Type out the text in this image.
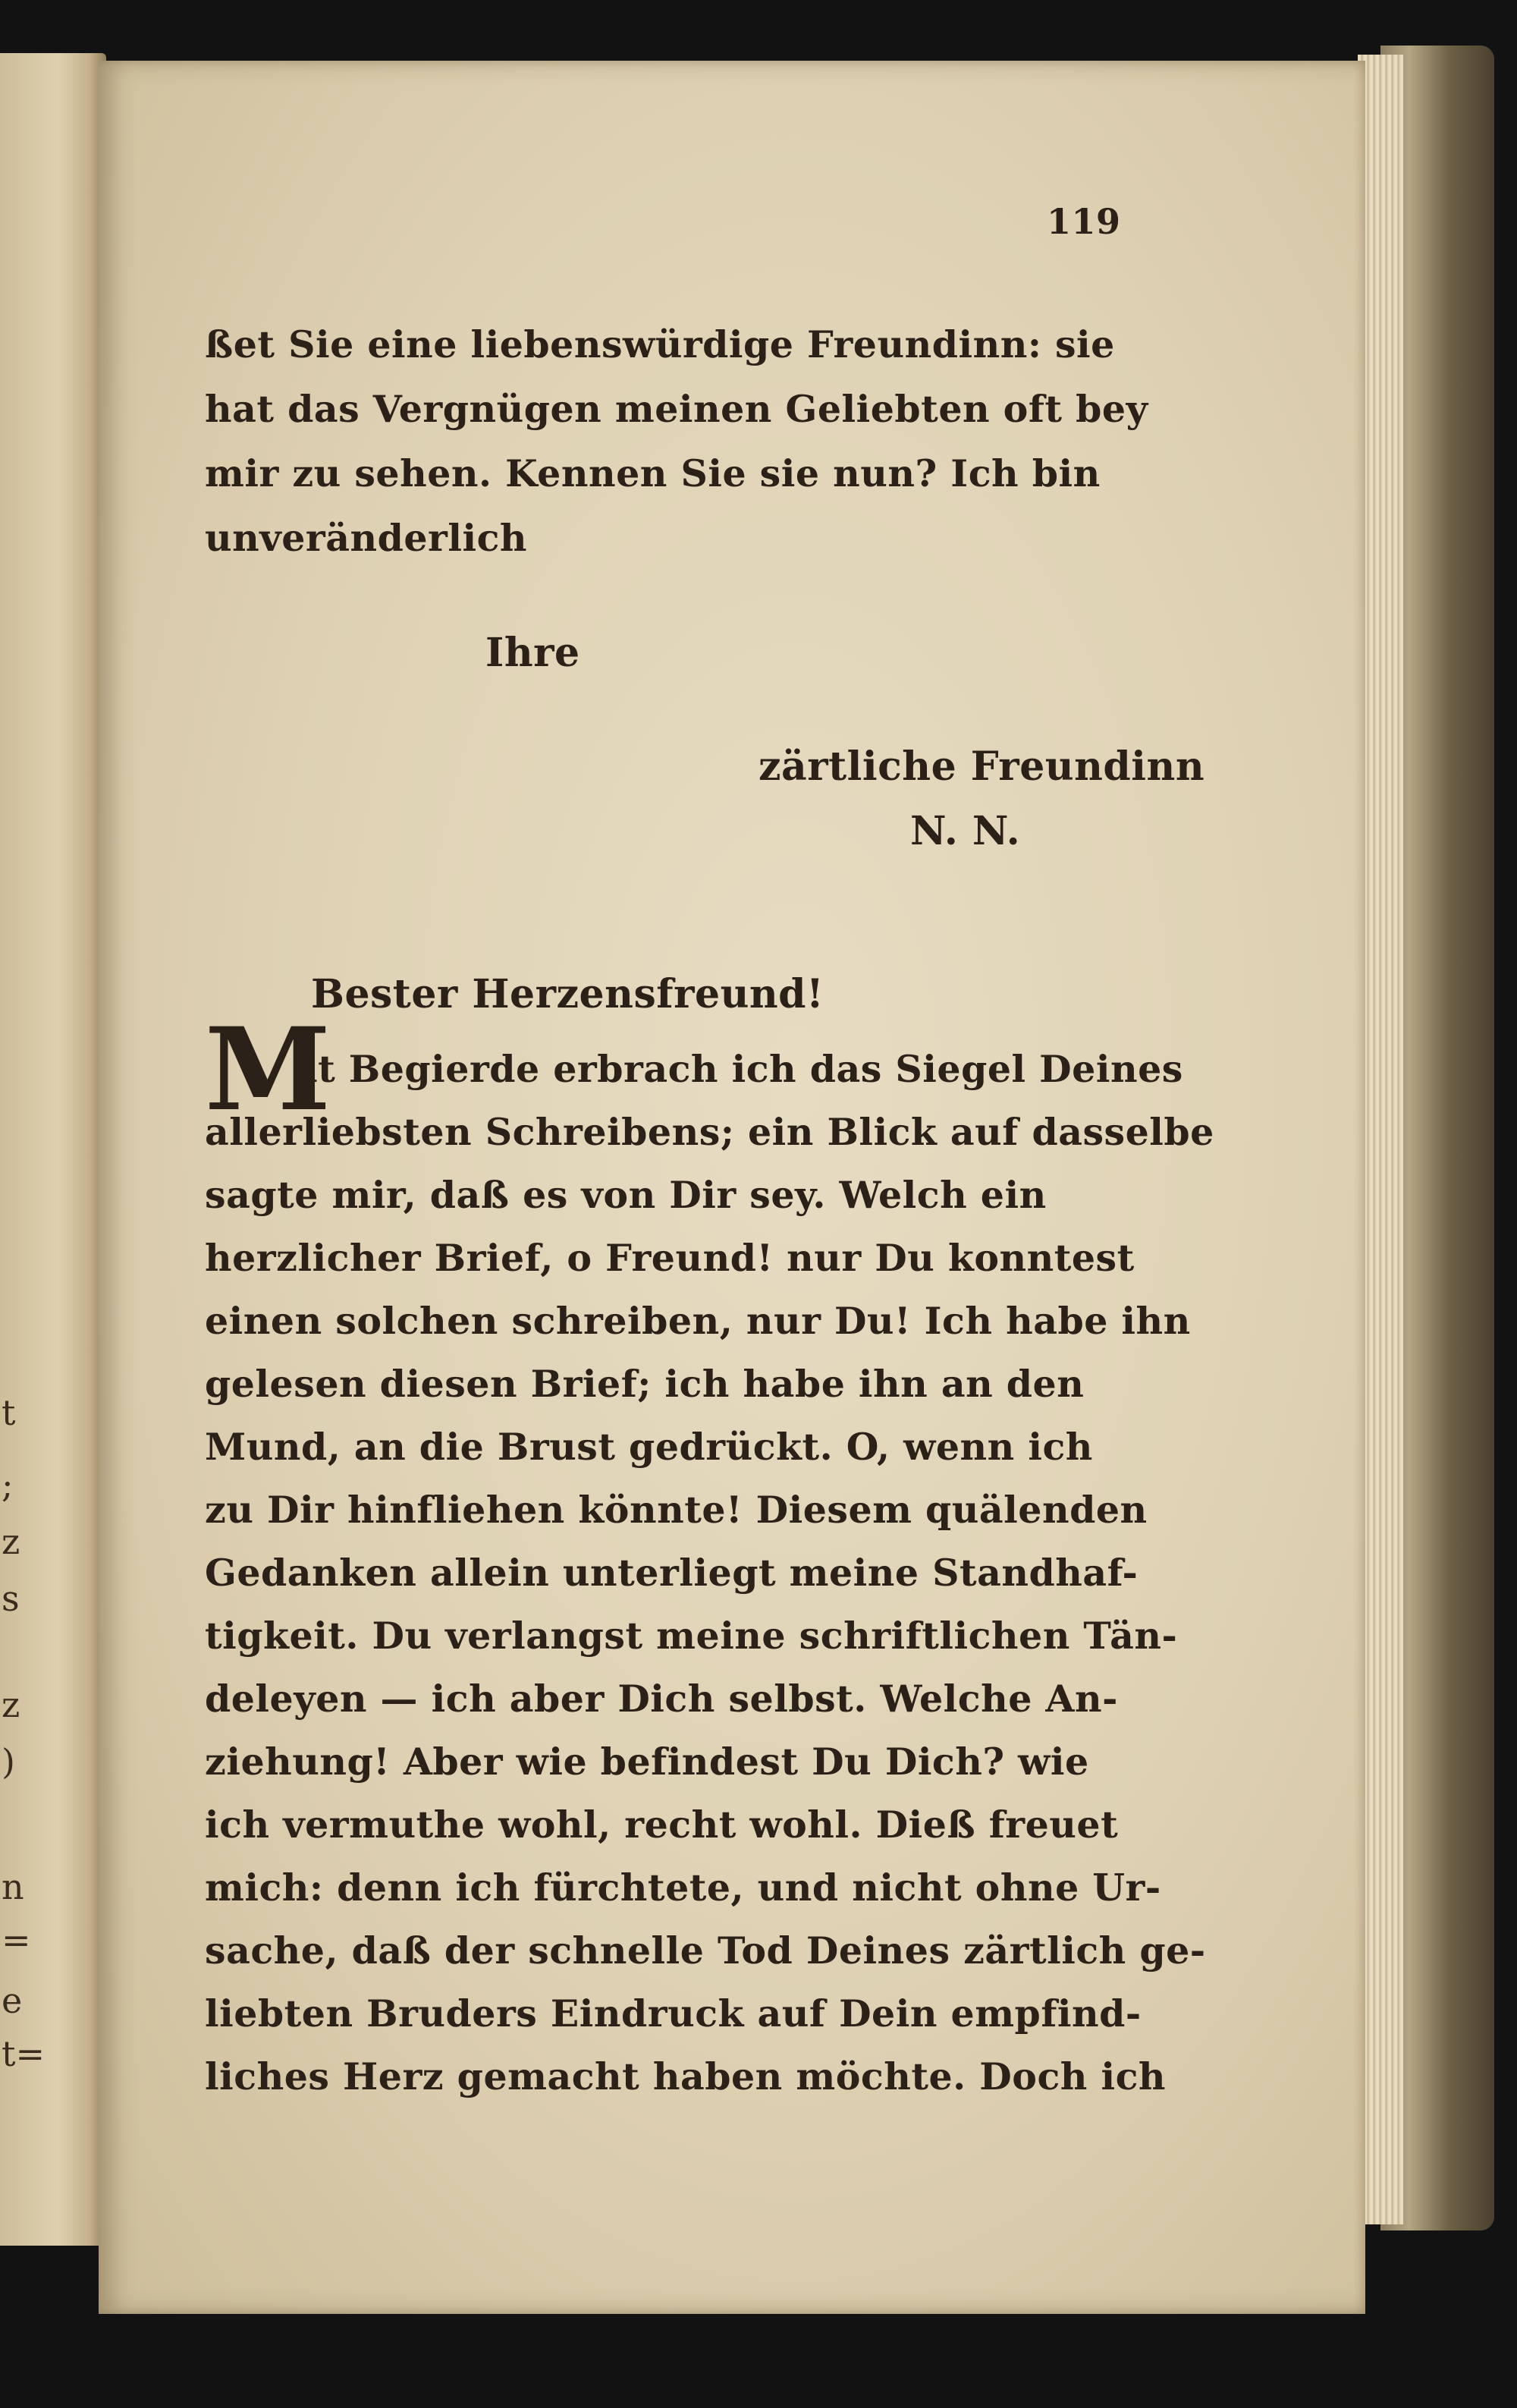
t
;
z
s
z
)
n
=
e
t=
119
ßet Sie eine liebenswürdige Freundinn: sie
hat das Vergnügen meinen Geliebten oft bey
mir zu sehen. Kennen Sie sie nun? Ich bin
unveränderlich
Ihre
zärtliche Freundinn
N. N.
Bester Herzensfreund!
M
it Begierde erbrach ich das Siegel Deines
allerliebsten Schreibens; ein Blick auf dasselbe
sagte mir, daß es von Dir sey. Welch ein
herzlicher Brief, o Freund! nur Du konntest
einen solchen schreiben, nur Du! Ich habe ihn
gelesen diesen Brief; ich habe ihn an den
Mund, an die Brust gedrückt. O, wenn ich
zu Dir hinfliehen könnte! Diesem quälenden
Gedanken allein unterliegt meine Standhaf-
tigkeit. Du verlangst meine schriftlichen Tän-
deleyen — ich aber Dich selbst. Welche An-
ziehung! Aber wie befindest Du Dich? wie
ich vermuthe wohl, recht wohl. Dieß freuet
mich: denn ich fürchtete, und nicht ohne Ur-
sache, daß der schnelle Tod Deines zärtlich ge-
liebten Bruders Eindruck auf Dein empfind-
liches Herz gemacht haben möchte. Doch ich
